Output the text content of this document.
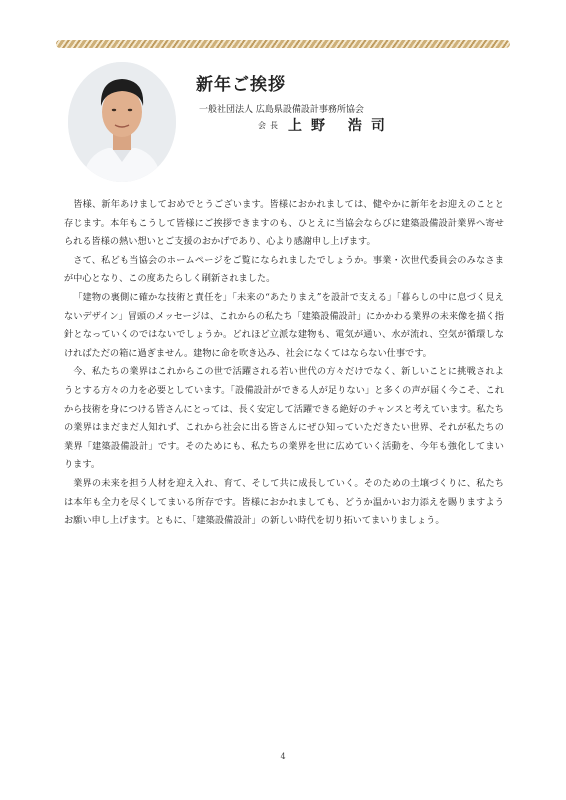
新年ご挨拶
一般社団法人 広島県設備設計事務所協会
会長 上野 浩司

皆様、新年あけましておめでとうございます。皆様におかれましては、健やかに新年をお迎えのことと存じます。本年もこうして皆様にご挨拶できますのも、ひとえに当協会ならびに建築設備設計業界へ寄せられる皆様の熱い想いとご支援のおかげであり、心より感謝申し上げます。

さて、私ども当協会のホームページをご覧になられましたでしょうか。事業・次世代委員会のみなさまが中心となり、この度あたらしく刷新されました。

「建物の裏側に確かな技術と責任を」「未来の“あたりまえ”を設計で支える」「暮らしの中に息づく見えないデザイン」冒頭のメッセージは、これからの私たち「建築設備設計」にかかわる業界の未来像を描く指針となっていくのではないでしょうか。どれほど立派な建物も、電気が通い、水が流れ、空気が循環しなければただの箱に過ぎません。建物に命を吹き込み、社会になくてはならない仕事です。

今、私たちの業界はこれからこの世で活躍される若い世代の方々だけでなく、新しいことに挑戦されようとする方々の力を必要としています。「設備設計ができる人が足りない」と多くの声が届く今こそ、これから技術を身につける皆さんにとっては、長く安定して活躍できる絶好のチャンスと考えています。私たちの業界はまだまだ人知れず、これから社会に出る皆さんにぜひ知っていただきたい世界、それが私たちの業界「建築設備設計」です。そのためにも、私たちの業界を世に広めていく活動を、今年も強化してまいります。

業界の未来を担う人材を迎え入れ、育て、そして共に成長していく。そのための土壌づくりに、私たちは本年も全力を尽くしてまいる所存です。皆様におかれましても、どうか温かいお力添えを賜りますようお願い申し上げます。ともに、「建築設備設計」の新しい時代を切り拓いてまいりましょう。

4
